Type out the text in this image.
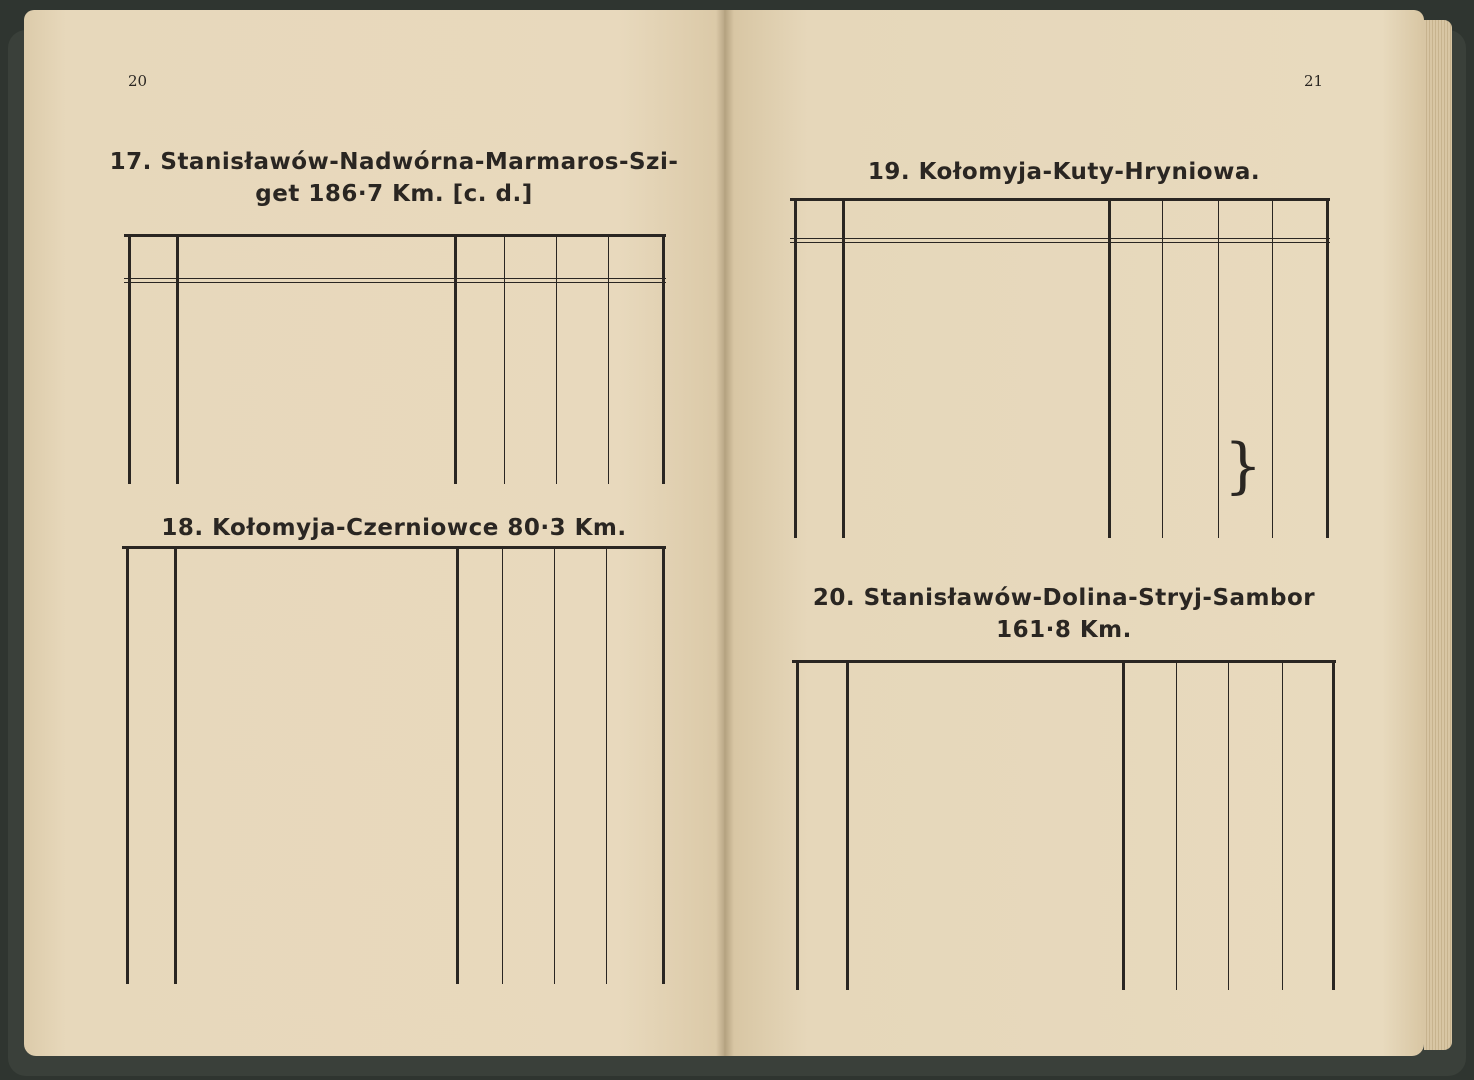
20
17. Stanisławów-Nadwórna-Marmaros-Szi-
get 186·7 Km. [c. d.]
18. Kołomyja-Czerniowce 80·3 Km.
21
19. Kołomyja-Kuty-Hryniowa.
}
20. Stanisławów-Dolina-Stryj-Sambor
161·8 Km.
